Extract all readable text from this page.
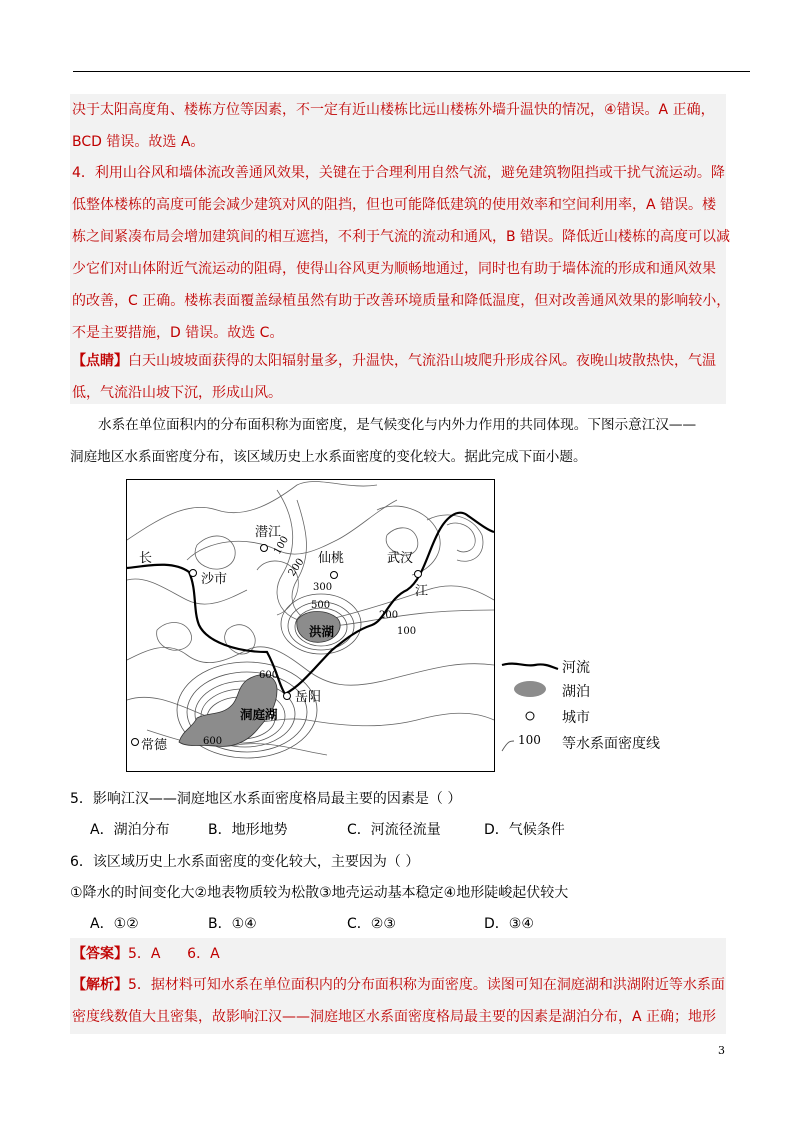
决于太阳高度角、楼栋方位等因素，不一定有近山楼栋比远山楼栋外墙升温快的情况，④错误。A 正确，
BCD 错误。故选 A。
4．利用山谷风和墙体流改善通风效果，关键在于合理利用自然气流，避免建筑物阻挡或干扰气流运动。降
低整体楼栋的高度可能会减少建筑对风的阻挡，但也可能降低建筑的使用效率和空间利用率，A 错误。楼
栋之间紧凑布局会增加建筑间的相互遮挡，不利于气流的流动和通风，B 错误。降低近山楼栋的高度可以减
少它们对山体附近气流运动的阻碍，使得山谷风更为顺畅地通过，同时也有助于墙体流的形成和通风效果
的改善，C 正确。楼栋表面覆盖绿植虽然有助于改善环境质量和降低温度，但对改善通风效果的影响较小，
不是主要措施，D 错误。故选 C。
【点睛】白天山坡坡面获得的太阳辐射量多，升温快，气流沿山坡爬升形成谷风。夜晚山坡散热快，气温
低，气流沿山坡下沉，形成山风。
水系在单位面积内的分布面积称为面密度，是气候变化与内外力作用的共同体现。下图示意江汉——
洞庭地区水系面密度分布，该区域历史上水系面密度的变化较大。据此完成下面小题。
潜江
沙市
仙桃	武汉
岳阳
常德
洪湖
洞庭湖
长
江
100
200
300
500
200
100
600
600
河流
湖泊
城市
100 等水系面密度线
5．影响江汉——洞庭地区水系面密度格局最主要的因素是（ ）
A．湖泊分布	B．地形地势	C．河流径流量	D．气候条件
6．该区域历史上水系面密度的变化较大，主要因为（ ）
①降水的时间变化大②地表物质较为松散③地壳运动基本稳定④地形陡峻起伏较大
A．①②	B．①④	C．②③	D．③④
【答案】5．A      6．A
【解析】5．据材料可知水系在单位面积内的分布面积称为面密度。读图可知在洞庭湖和洪湖附近等水系面
密度线数值大且密集，故影响江汉——洞庭地区水系面密度格局最主要的因素是湖泊分布，A 正确；地形
3
